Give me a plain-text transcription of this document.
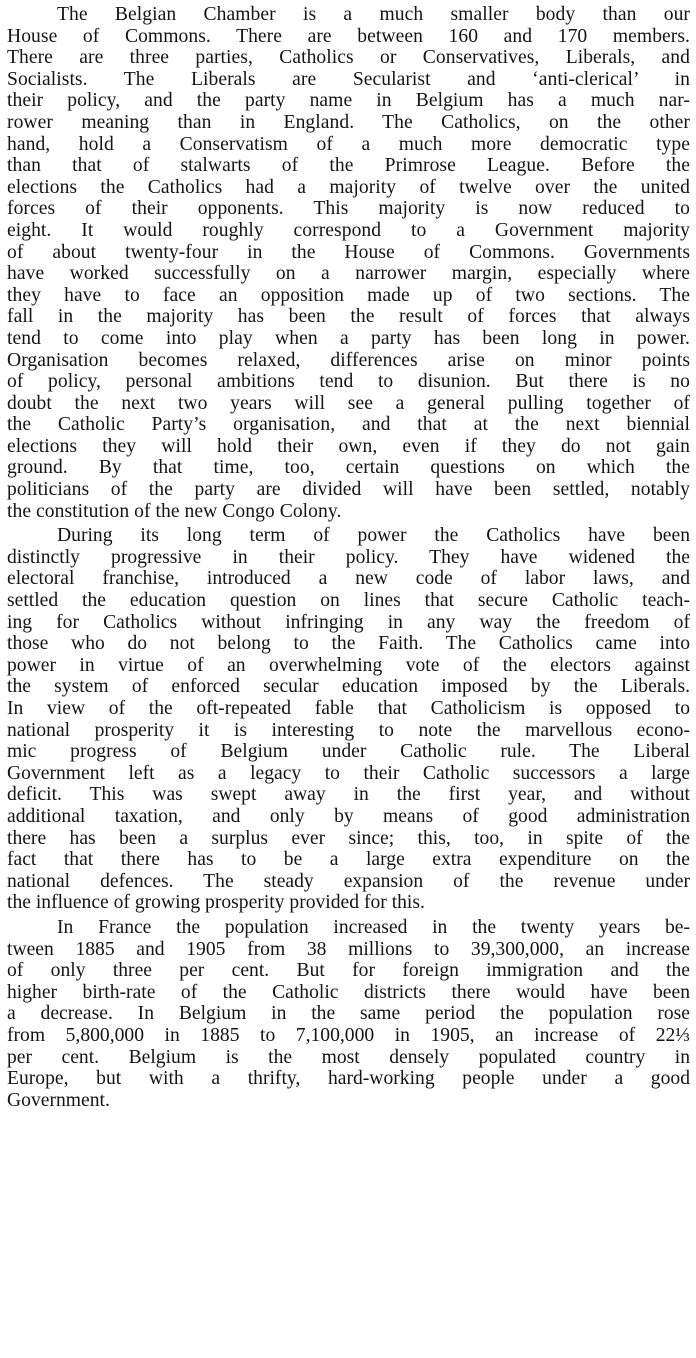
The Belgian Chamber is a much smaller body than our
House of Commons. There are between 160 and 170 members.
There are three parties, Catholics or Conservatives, Liberals, and
Socialists. The Liberals are Secularist and ‘anti-clerical’ in
their policy, and the party name in Belgium has a much nar-
rower meaning than in England. The Catholics, on the other
hand, hold a Conservatism of a much more democratic type
than that of stalwarts of the Primrose League. Before the
elections the Catholics had a majority of twelve over the united
forces of their opponents. This majority is now reduced to
eight. It would roughly correspond to a Government majority
of about twenty-four in the House of Commons. Governments
have worked successfully on a narrower margin, especially where
they have to face an opposition made up of two sections. The
fall in the majority has been the result of forces that always
tend to come into play when a party has been long in power.
Organisation becomes relaxed, differences arise on minor points
of policy, personal ambitions tend to disunion. But there is no
doubt the next two years will see a general pulling together of
the Catholic Party’s organisation, and that at the next biennial
elections they will hold their own, even if they do not gain
ground. By that time, too, certain questions on which the
politicians of the party are divided will have been settled, notably
the constitution of the new Congo Colony.
During its long term of power the Catholics have been
distinctly progressive in their policy. They have widened the
electoral franchise, introduced a new code of labor laws, and
settled the education question on lines that secure Catholic teach-
ing for Catholics without infringing in any way the freedom of
those who do not belong to the Faith. The Catholics came into
power in virtue of an overwhelming vote of the electors against
the system of enforced secular education imposed by the Liberals.
In view of the oft-repeated fable that Catholicism is opposed to
national prosperity it is interesting to note the marvellous econo-
mic progress of Belgium under Catholic rule. The Liberal
Government left as a legacy to their Catholic successors a large
deficit. This was swept away in the first year, and without
additional taxation, and only by means of good administration
there has been a surplus ever since; this, too, in spite of the
fact that there has to be a large extra expenditure on the
national defences. The steady expansion of the revenue under
the influence of growing prosperity provided for this.
In France the population increased in the twenty years be-
tween 1885 and 1905 from 38 millions to 39,300,000, an increase
of only three per cent. But for foreign immigration and the
higher birth-rate of the Catholic districts there would have been
a decrease. In Belgium in the same period the population rose
from 5,800,000 in 1885 to 7,100,000 in 1905, an increase of 22⅓
per cent. Belgium is the most densely populated country in
Europe, but with a thrifty, hard-working people under a good
Government.
